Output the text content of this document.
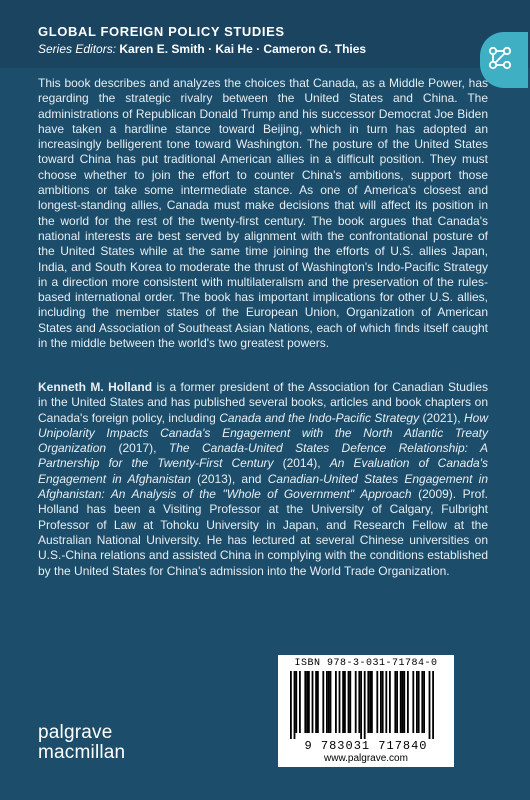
GLOBAL FOREIGN POLICY STUDIES
Series Editors: Karen E. Smith · Kai He · Cameron G. Thies

This book describes and analyzes the choices that Canada, as a Middle Power, has regarding the strategic rivalry between the United States and China. The administrations of Republican Donald Trump and his successor Democrat Joe Biden have taken a hardline stance toward Beijing, which in turn has adopted an increasingly belligerent tone toward Washington. The posture of the United States toward China has put traditional American allies in a difficult position. They must choose whether to join the effort to counter China's ambitions, support those ambitions or take some intermediate stance. As one of America's closest and longest-standing allies, Canada must make decisions that will affect its position in the world for the rest of the twenty-first century. The book argues that Canada's national interests are best served by alignment with the confrontational posture of the United States while at the same time joining the efforts of U.S. allies Japan, India, and South Korea to moderate the thrust of Washington's Indo-Pacific Strategy in a direction more consistent with multilateralism and the preservation of the rules-based international order. The book has important implications for other U.S. allies, including the member states of the European Union, Organization of American States and Association of Southeast Asian Nations, each of which finds itself caught in the middle between the world's two greatest powers.

Kenneth M. Holland is a former president of the Association for Canadian Studies in the United States and has published several books, articles and book chapters on Canada's foreign policy, including Canada and the Indo-Pacific Strategy (2021), How Unipolarity Impacts Canada's Engagement with the North Atlantic Treaty Organization (2017), The Canada-United States Defence Relationship: A Partnership for the Twenty-First Century (2014), An Evaluation of Canada's Engagement in Afghanistan (2013), and Canadian-United States Engagement in Afghanistan: An Analysis of the "Whole of Government" Approach (2009). Prof. Holland has been a Visiting Professor at the University of Calgary, Fulbright Professor of Law at Tohoku University in Japan, and Research Fellow at the Australian National University. He has lectured at several Chinese universities on U.S.-China relations and assisted China in complying with the conditions established by the United States for China's admission into the World Trade Organization.

ISBN 978-3-031-71784-0
9 783031 717840
www.palgrave.com
palgrave
macmillan
